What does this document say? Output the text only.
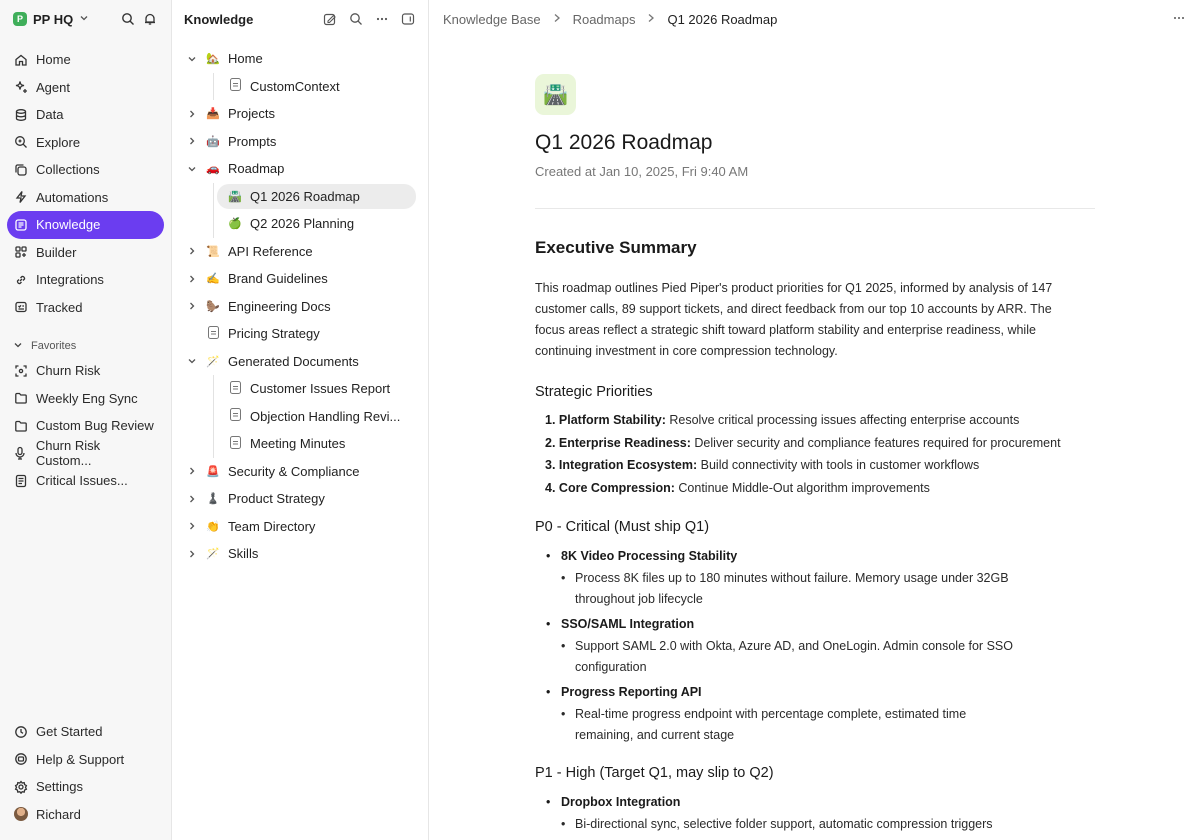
P PP HQ
Home
Agent
Data
Explore
Collections
Automations
Knowledge
Builder
Integrations
Tracked
Favorites
Churn Risk
Weekly Eng Sync
Custom Bug Review
Churn Risk Custom...
Critical Issues...
Get Started
Help & Support
Settings
Richard
Knowledge
🏡 Home
CustomContext
📥 Projects
🤖 Prompts
🚗 Roadmap
🛣️ Q1 2026 Roadmap
🍏 Q2 2026 Planning
📜 API Reference
✍️ Brand Guidelines
🦫 Engineering Docs
Pricing Strategy
🪄 Generated Documents
Customer Issues Report
Objection Handling Revi...
Meeting Minutes
🚨 Security & Compliance
♟️ Product Strategy
👏 Team Directory
🪄 Skills
Knowledge Base Roadmaps Q1 2026 Roadmap
🛣️
Q1 2026 Roadmap
Created at Jan 10, 2025, Fri 9:40 AM
Executive Summary

This roadmap outlines Pied Piper's product priorities for Q1 2025, informed by analysis of 147 customer calls, 89 support tickets, and direct feedback from our top 10 accounts by ARR. The focus areas reflect a strategic shift toward platform stability and enterprise readiness, while continuing investment in core compression technology.

Strategic Priorities
1. Platform Stability: Resolve critical processing issues affecting enterprise accounts
2. Enterprise Readiness: Deliver security and compliance features required for procurement
3. Integration Ecosystem: Build connectivity with tools in customer workflows
4. Core Compression: Continue Middle-Out algorithm improvements
P0 - Critical (Must ship Q1)
• 8K Video Processing Stability
• Process 8K files up to 180 minutes without failure. Memory usage under 32GB throughout job lifecycle
• SSO/SAML Integration
• Support SAML 2.0 with Okta, Azure AD, and OneLogin. Admin console for SSO configuration
• Progress Reporting API
• Real-time progress endpoint with percentage complete, estimated time remaining, and current stage
P1 - High (Target Q1, may slip to Q2)
• Dropbox Integration
• Bi-directional sync, selective folder support, automatic compression triggers
